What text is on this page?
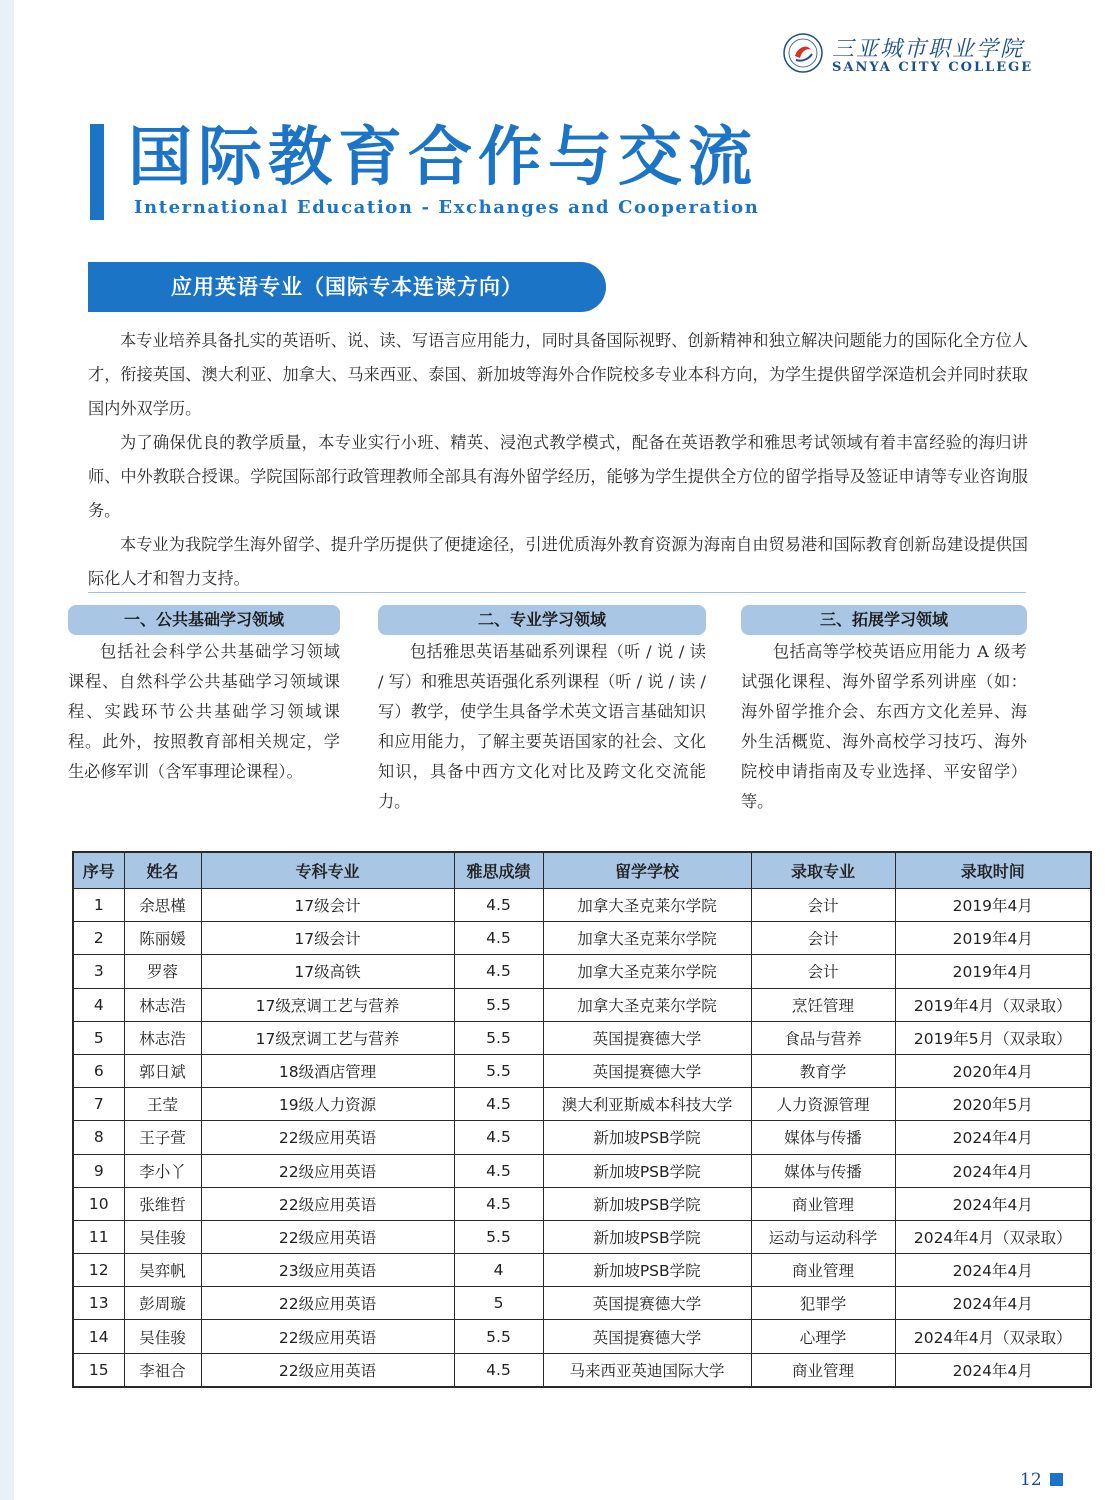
三亚城市职业学院
SANYA CITY COLLEGE
国际教育合作与交流
International Education - Exchanges and Cooperation
应用英语专业（国际专本连读方向）

本专业培养具备扎实的英语听、说、读、写语言应用能力，同时具备国际视野、创新精神和独立解决问题能力的国际化全方位人才，衔接英国、澳大利亚、加拿大、马来西亚、泰国、新加坡等海外合作院校多专业本科方向，为学生提供留学深造机会并同时获取国内外双学历。

为了确保优良的教学质量，本专业实行小班、精英、浸泡式教学模式，配备在英语教学和雅思考试领域有着丰富经验的海归讲师、中外教联合授课。学院国际部行政管理教师全部具有海外留学经历，能够为学生提供全方位的留学指导及签证申请等专业咨询服务。

本专业为我院学生海外留学、提升学历提供了便捷途径，引进优质海外教育资源为海南自由贸易港和国际教育创新岛建设提供国际化人才和智力支持。

一、公共基础学习领域
包括社会科学公共基础学习领域课程、自然科学公共基础学习领域课程、实践环节公共基础学习领域课程。此外，按照教育部相关规定，学生必修军训（含军事理论课程）。
二、专业学习领域
包括雅思英语基础系列课程（听 / 说 / 读 / 写）和雅思英语强化系列课程（听 / 说 / 读 / 写）教学，使学生具备学术英文语言基础知识和应用能力，了解主要英语国家的社会、文化知识，具备中西方文化对比及跨文化交流能力。
三、拓展学习领域
包括高等学校英语应用能力 A 级考试强化课程、海外留学系列讲座（如：海外留学推介会、东西方文化差异、海外生活概览、海外高校学习技巧、海外院校申请指南及专业选择、平安留学）等。
序号	姓名	专科专业	雅思成绩	留学学校	录取专业	录取时间
1	余思槿	17级会计	4.5	加拿大圣克莱尔学院	会计	2019年4月
2	陈丽媛	17级会计	4.5	加拿大圣克莱尔学院	会计	2019年4月
3	罗蓉	17级高铁	4.5	加拿大圣克莱尔学院	会计	2019年4月
4	林志浩	17级烹调工艺与营养	5.5	加拿大圣克莱尔学院	烹饪管理	2019年4月（双录取）
5	林志浩	17级烹调工艺与营养	5.5	英国提赛德大学	食品与营养	2019年5月（双录取）
6	郭日斌	18级酒店管理	5.5	英国提赛德大学	教育学	2020年4月
7	王莹	19级人力资源	4.5	澳大利亚斯威本科技大学	人力资源管理	2020年5月
8	王子萱	22级应用英语	4.5	新加坡PSB学院	媒体与传播	2024年4月
9	李小丫	22级应用英语	4.5	新加坡PSB学院	媒体与传播	2024年4月
10	张维哲	22级应用英语	4.5	新加坡PSB学院	商业管理	2024年4月
11	吴佳骏	22级应用英语	5.5	新加坡PSB学院	运动与运动科学	2024年4月（双录取）
12	吴弈帆	23级应用英语	4	新加坡PSB学院	商业管理	2024年4月
13	彭周璇	22级应用英语	5	英国提赛德大学	犯罪学	2024年4月
14	吴佳骏	22级应用英语	5.5	英国提赛德大学	心理学	2024年4月（双录取）
15	李祖合	22级应用英语	4.5	马来西亚英迪国际大学	商业管理	2024年4月
12
